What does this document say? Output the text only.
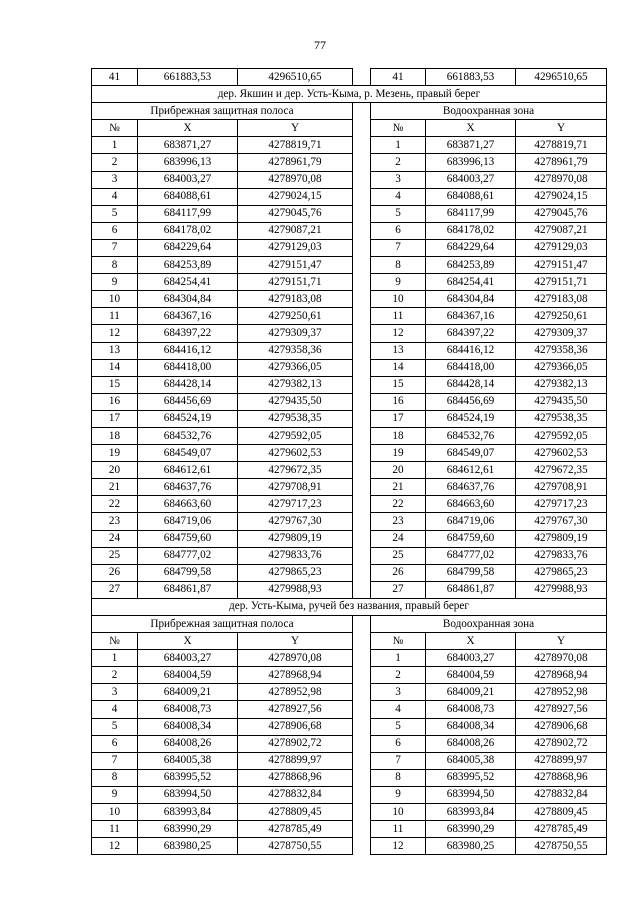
77
41	661883,53	4296510,65		41	661883,53	4296510,65
дер. Якшин и дер. Усть-Кыма, р. Мезень, правый берег						
Прибрежная защитная полоса				Водоохранная зона		
№	X	Y		№	X	Y
1	683871,27	4278819,71		1	683871,27	4278819,71
2	683996,13	4278961,79		2	683996,13	4278961,79
3	684003,27	4278970,08		3	684003,27	4278970,08
4	684088,61	4279024,15		4	684088,61	4279024,15
5	684117,99	4279045,76		5	684117,99	4279045,76
6	684178,02	4279087,21		6	684178,02	4279087,21
7	684229,64	4279129,03		7	684229,64	4279129,03
8	684253,89	4279151,47		8	684253,89	4279151,47
9	684254,41	4279151,71		9	684254,41	4279151,71
10	684304,84	4279183,08		10	684304,84	4279183,08
11	684367,16	4279250,61		11	684367,16	4279250,61
12	684397,22	4279309,37		12	684397,22	4279309,37
13	684416,12	4279358,36		13	684416,12	4279358,36
14	684418,00	4279366,05		14	684418,00	4279366,05
15	684428,14	4279382,13		15	684428,14	4279382,13
16	684456,69	4279435,50		16	684456,69	4279435,50
17	684524,19	4279538,35		17	684524,19	4279538,35
18	684532,76	4279592,05		18	684532,76	4279592,05
19	684549,07	4279602,53		19	684549,07	4279602,53
20	684612,61	4279672,35		20	684612,61	4279672,35
21	684637,76	4279708,91		21	684637,76	4279708,91
22	684663,60	4279717,23		22	684663,60	4279717,23
23	684719,06	4279767,30		23	684719,06	4279767,30
24	684759,60	4279809,19		24	684759,60	4279809,19
25	684777,02	4279833,76		25	684777,02	4279833,76
26	684799,58	4279865,23		26	684799,58	4279865,23
27	684861,87	4279988,93		27	684861,87	4279988,93
дер. Усть-Кыма, ручей без названия, правый берег						
Прибрежная защитная полоса				Водоохранная зона		
№	X	Y		№	X	Y
1	684003,27	4278970,08		1	684003,27	4278970,08
2	684004,59	4278968,94		2	684004,59	4278968,94
3	684009,21	4278952,98		3	684009,21	4278952,98
4	684008,73	4278927,56		4	684008,73	4278927,56
5	684008,34	4278906,68		5	684008,34	4278906,68
6	684008,26	4278902,72		6	684008,26	4278902,72
7	684005,38	4278899,97		7	684005,38	4278899,97
8	683995,52	4278868,96		8	683995,52	4278868,96
9	683994,50	4278832,84		9	683994,50	4278832,84
10	683993,84	4278809,45		10	683993,84	4278809,45
11	683990,29	4278785,49		11	683990,29	4278785,49
12	683980,25	4278750,55		12	683980,25	4278750,55
